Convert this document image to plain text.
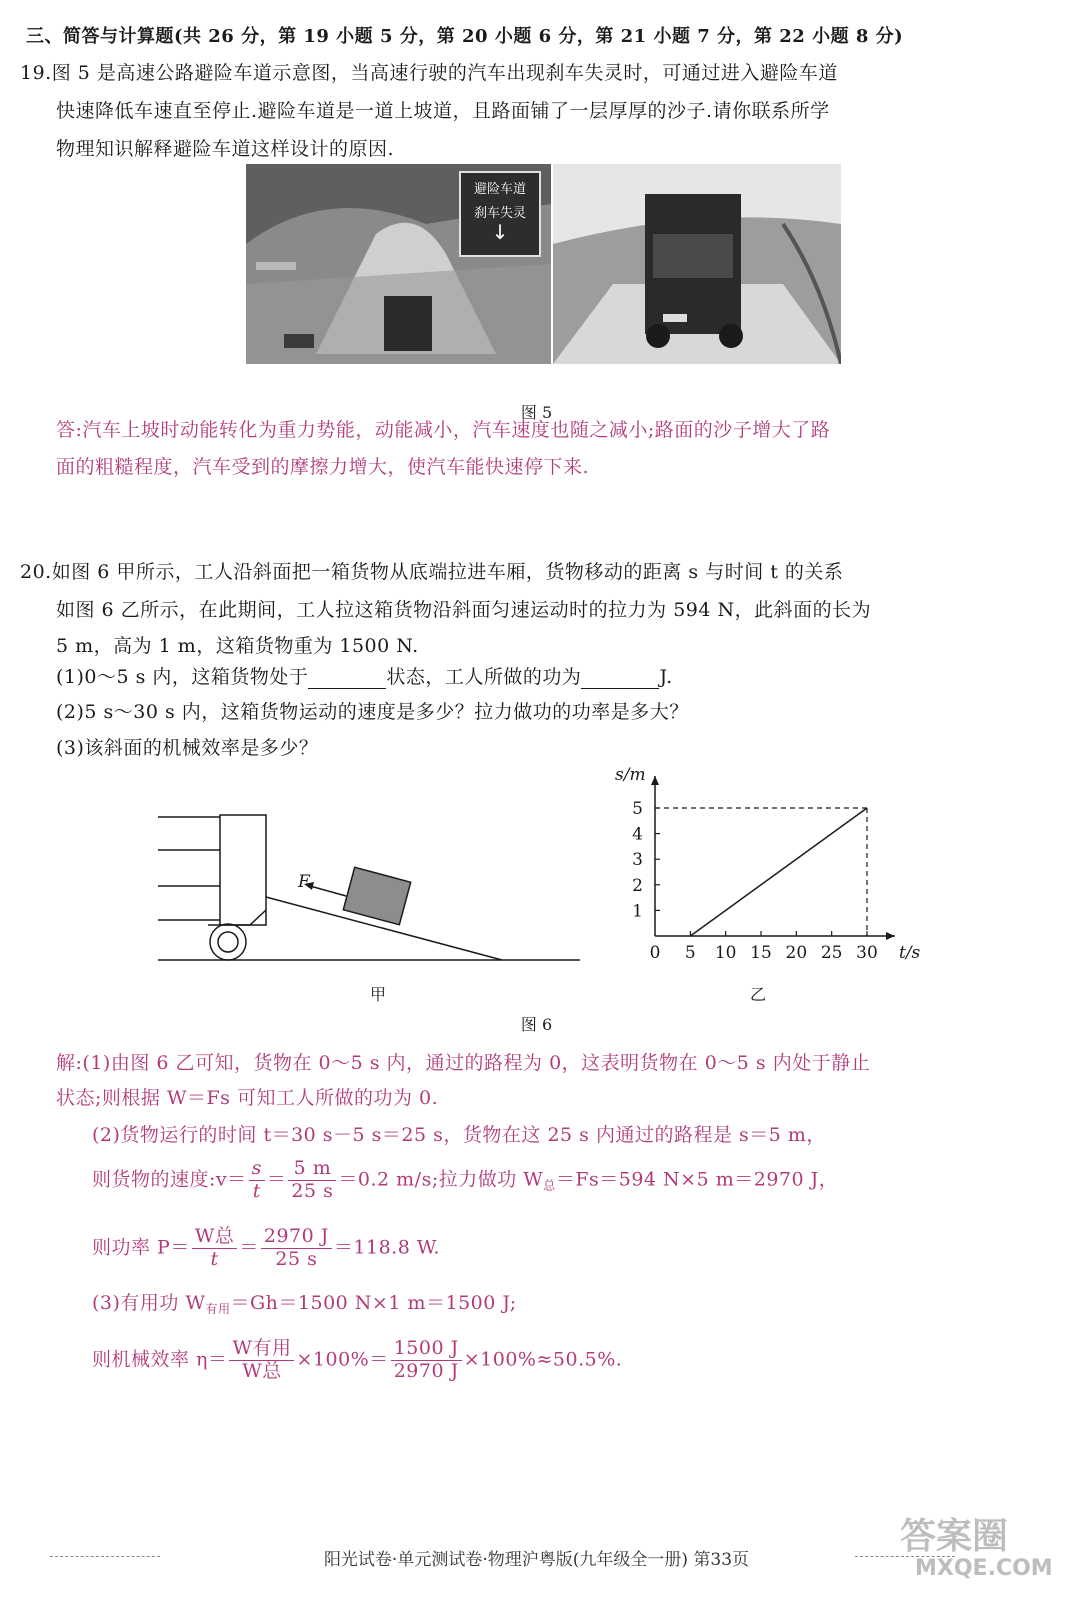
三、简答与计算题(共 26 分，第 19 小题 5 分，第 20 小题 6 分，第 21 小题 7 分，第 22 小题 8 分)
19.图 5 是高速公路避险车道示意图，当高速行驶的汽车出现刹车失灵时，可通过进入避险车道
快速降低车速直至停止.避险车道是一道上坡道，且路面铺了一层厚厚的沙子.请你联系所学
物理知识解释避险车道这样设计的原因.
避险车道
刹车失灵
↓
图 5
答:汽车上坡时动能转化为重力势能，动能减小，汽车速度也随之减小;路面的沙子增大了路
面的粗糙程度，汽车受到的摩擦力增大，使汽车能快速停下来.
20.如图 6 甲所示，工人沿斜面把一箱货物从底端拉进车厢，货物移动的距离 s 与时间 t 的关系
如图 6 乙所示，在此期间，工人拉这箱货物沿斜面匀速运动时的拉力为 594 N，此斜面的长为
5 m，高为 1 m，这箱货物重为 1500 N.
(1)0～5 s 内，这箱货物处于	状态，工人所做的功为	J.
(2)5 s～30 s 内，这箱货物运动的速度是多少？拉力做功的功率是多大？
(3)该斜面的机械效率是多少？
F
甲
0 5 10 15 20 25 30
1
2
3
4
5
t/s
s/m
乙
图 6
解:(1)由图 6 乙可知，货物在 0～5 s 内，通过的路程为 0，这表明货物在 0～5 s 内处于静止
状态;则根据 W＝Fs 可知工人所做的功为 0.
(2)货物运行的时间 t＝30 s－5 s＝25 s，货物在这 25 s 内通过的路程是 s＝5 m，
则货物的速度:v＝ $\frac{s}{t} = \frac{5 m}{25 s} =0.2$ m/s;拉力做功 $W_总=Fs=594$ N×5 m＝2970 J，
则功率 $P= \frac{\text{W总}}{t} = \frac{2970 J}{25 s} =118.8$ W.
(3)有用功 $W_{有用}=Gh=1500$ N×1 m＝1500 J;
则机械效率 $\eta= \frac{\text{W有用}}{\text{W总}} \times 100\%= \frac{1500 J}{2970 J} \times 100\%\approx 50.5\%$.
阳光试卷·单元测试卷·物理沪粤版(九年级全一册) 第33页
答案圈
MXQE.COM
